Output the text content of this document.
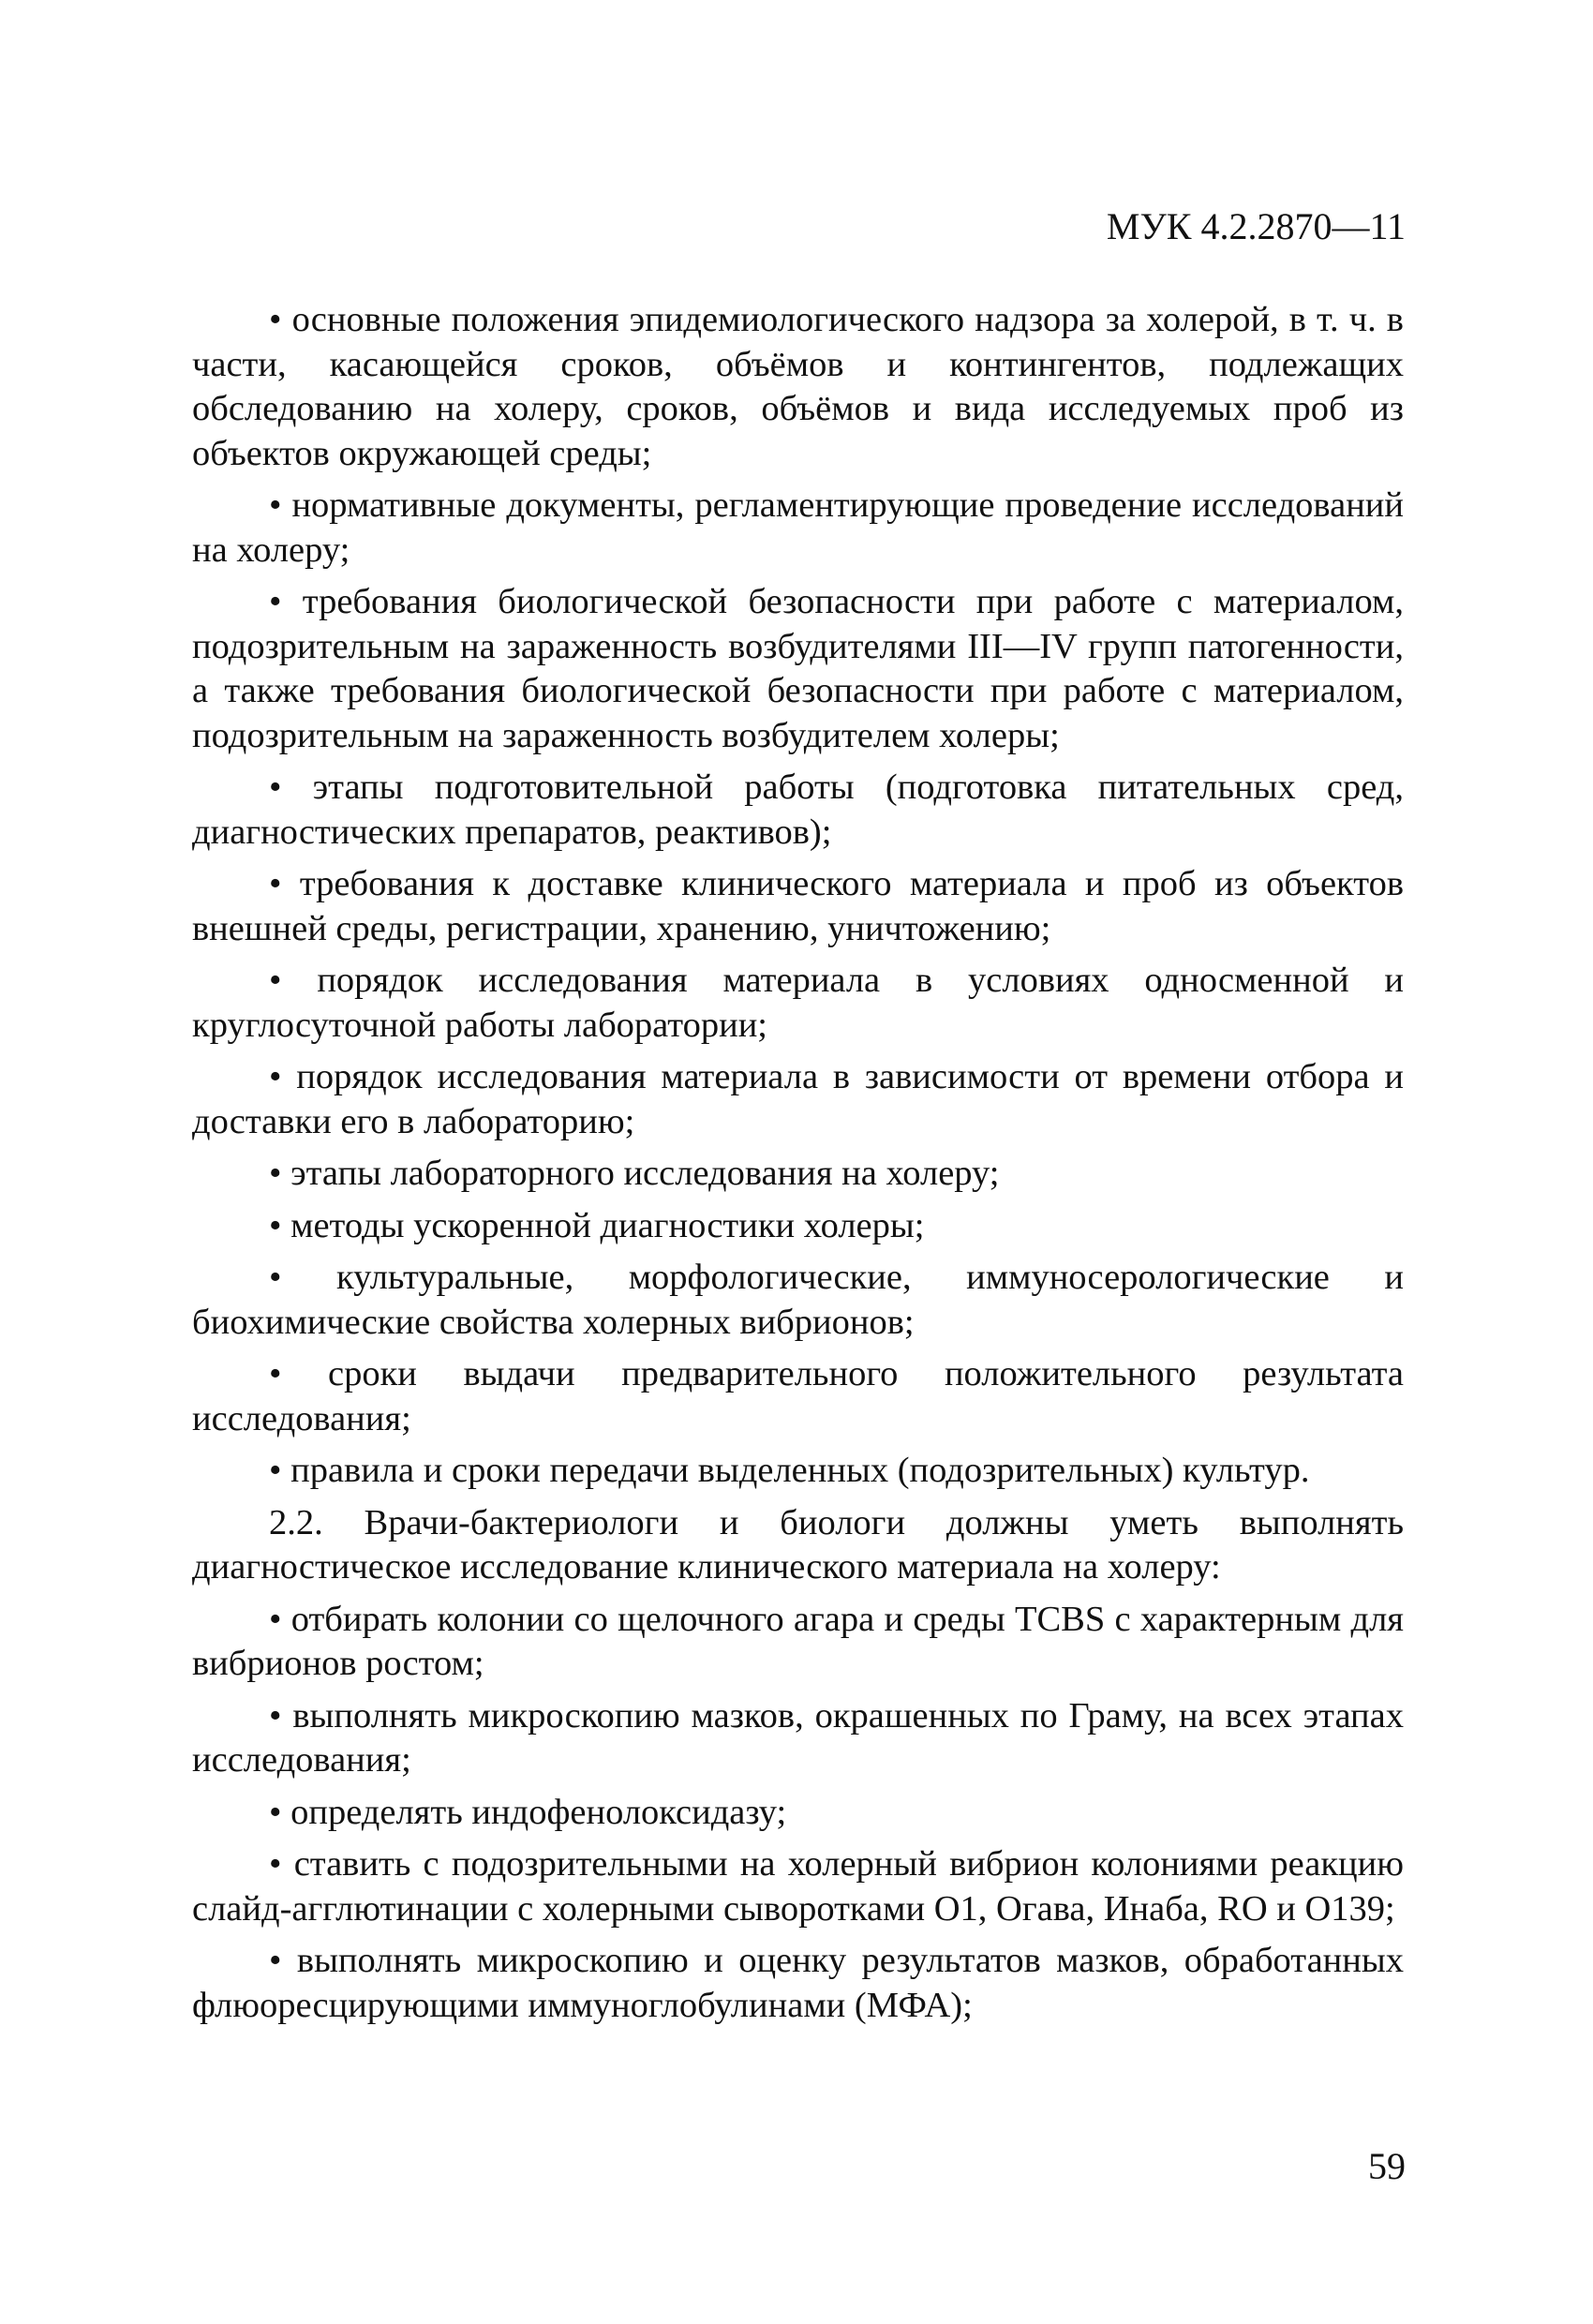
МУК 4.2.2870—11

• основные положения эпидемиологического надзора за холерой, в т. ч. в части, касающейся сроков, объёмов и контингентов, подлежащих обследованию на холеру, сроков, объёмов и вида исследуемых проб из объектов окружающей среды;

• нормативные документы, регламентирующие проведение исследований на холеру;

• требования биологической безопасности при работе с материалом, подозрительным на зараженность возбудителями III—IV групп патогенности, а также требования биологической безопасности при работе с материалом, подозрительным на зараженность возбудителем холеры;

• этапы подготовительной работы (подготовка питательных сред, диагностических препаратов, реактивов);

• требования к доставке клинического материала и проб из объектов внешней среды, регистрации, хранению, уничтожению;

• порядок исследования материала в условиях односменной и круглосуточной работы лаборатории;

• порядок исследования материала в зависимости от времени отбора и доставки его в лабораторию;

• этапы лабораторного исследования на холеру;

• методы ускоренной диагностики холеры;

• культуральные, морфологические, иммуносерологические и биохимические свойства холерных вибрионов;

• сроки выдачи предварительного положительного результата исследования;

• правила и сроки передачи выделенных (подозрительных) культур.

2.2. Врачи-бактериологи и биологи должны уметь выполнять диагностическое исследование клинического материала на холеру:

• отбирать колонии со щелочного агара и среды TCBS с характерным для вибрионов ростом;

• выполнять микроскопию мазков, окрашенных по Граму, на всех этапах исследования;

• определять индофенолоксидазу;

• ставить с подозрительными на холерный вибрион колониями реакцию слайд-агглютинации с холерными сыворотками O1, Огава, Инаба, RO и O139;

• выполнять микроскопию и оценку результатов мазков, обработанных флюоресцирующими иммуноглобулинами (МФА);

59
